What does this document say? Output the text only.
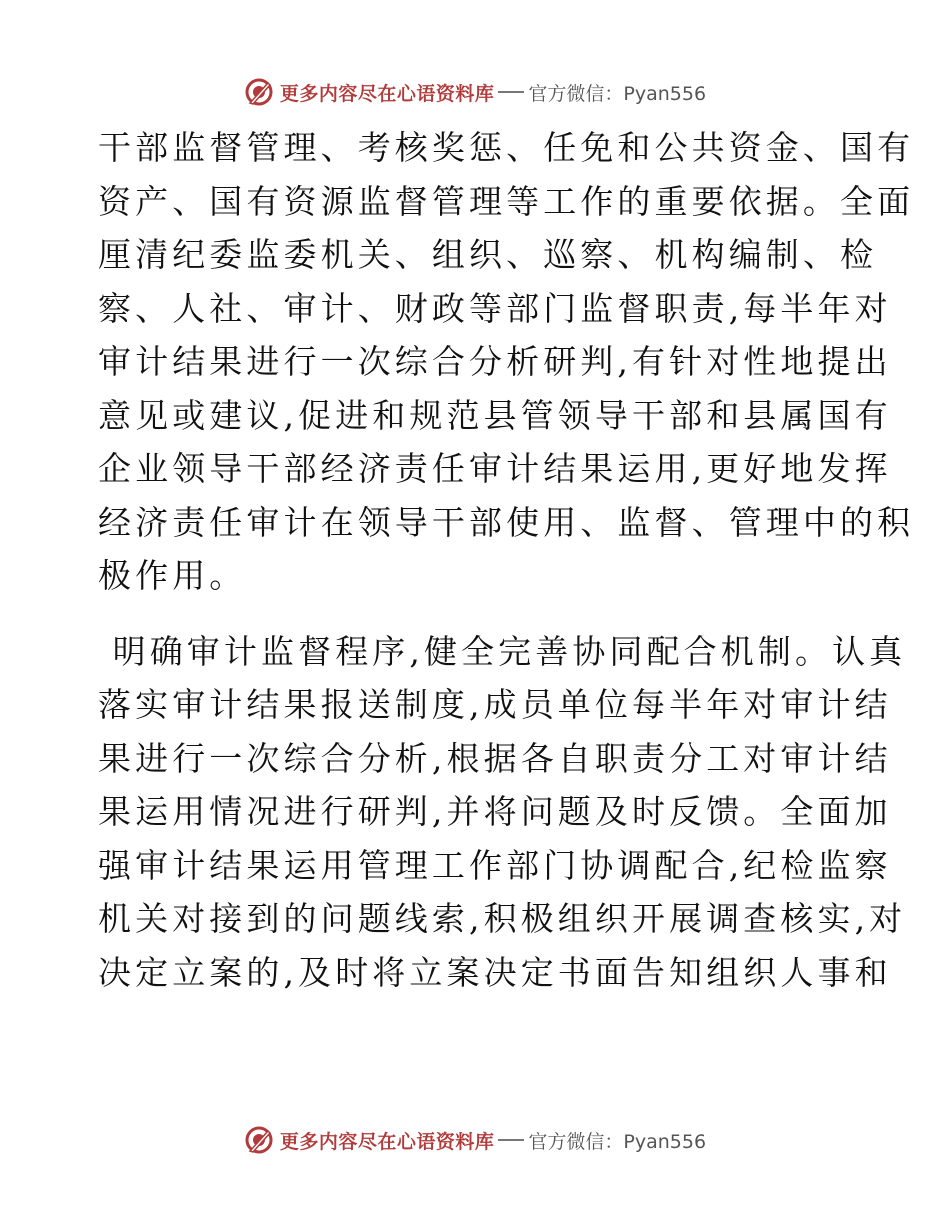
更多内容尽在心语资料库 官方微信：Pyan556

干部监督管理、考核奖惩、任免和公共资金、国有
资产、国有资源监督管理等工作的重要依据。全面
厘清纪委监委机关、组织、巡察、机构编制、检
察、人社、审计、财政等部门监督职责,每半年对
审计结果进行一次综合分析研判,有针对性地提出
意见或建议,促进和规范县管领导干部和县属国有
企业领导干部经济责任审计结果运用,更好地发挥
经济责任审计在领导干部使用、监督、管理中的积
极作用。

明确审计监督程序,健全完善协同配合机制。认真
落实审计结果报送制度,成员单位每半年对审计结
果进行一次综合分析,根据各自职责分工对审计结
果运用情况进行研判,并将问题及时反馈。全面加
强审计结果运用管理工作部门协调配合,纪检监察
机关对接到的问题线索,积极组织开展调查核实,对
决定立案的,及时将立案决定书面告知组织人事和

更多内容尽在心语资料库 官方微信：Pyan556
